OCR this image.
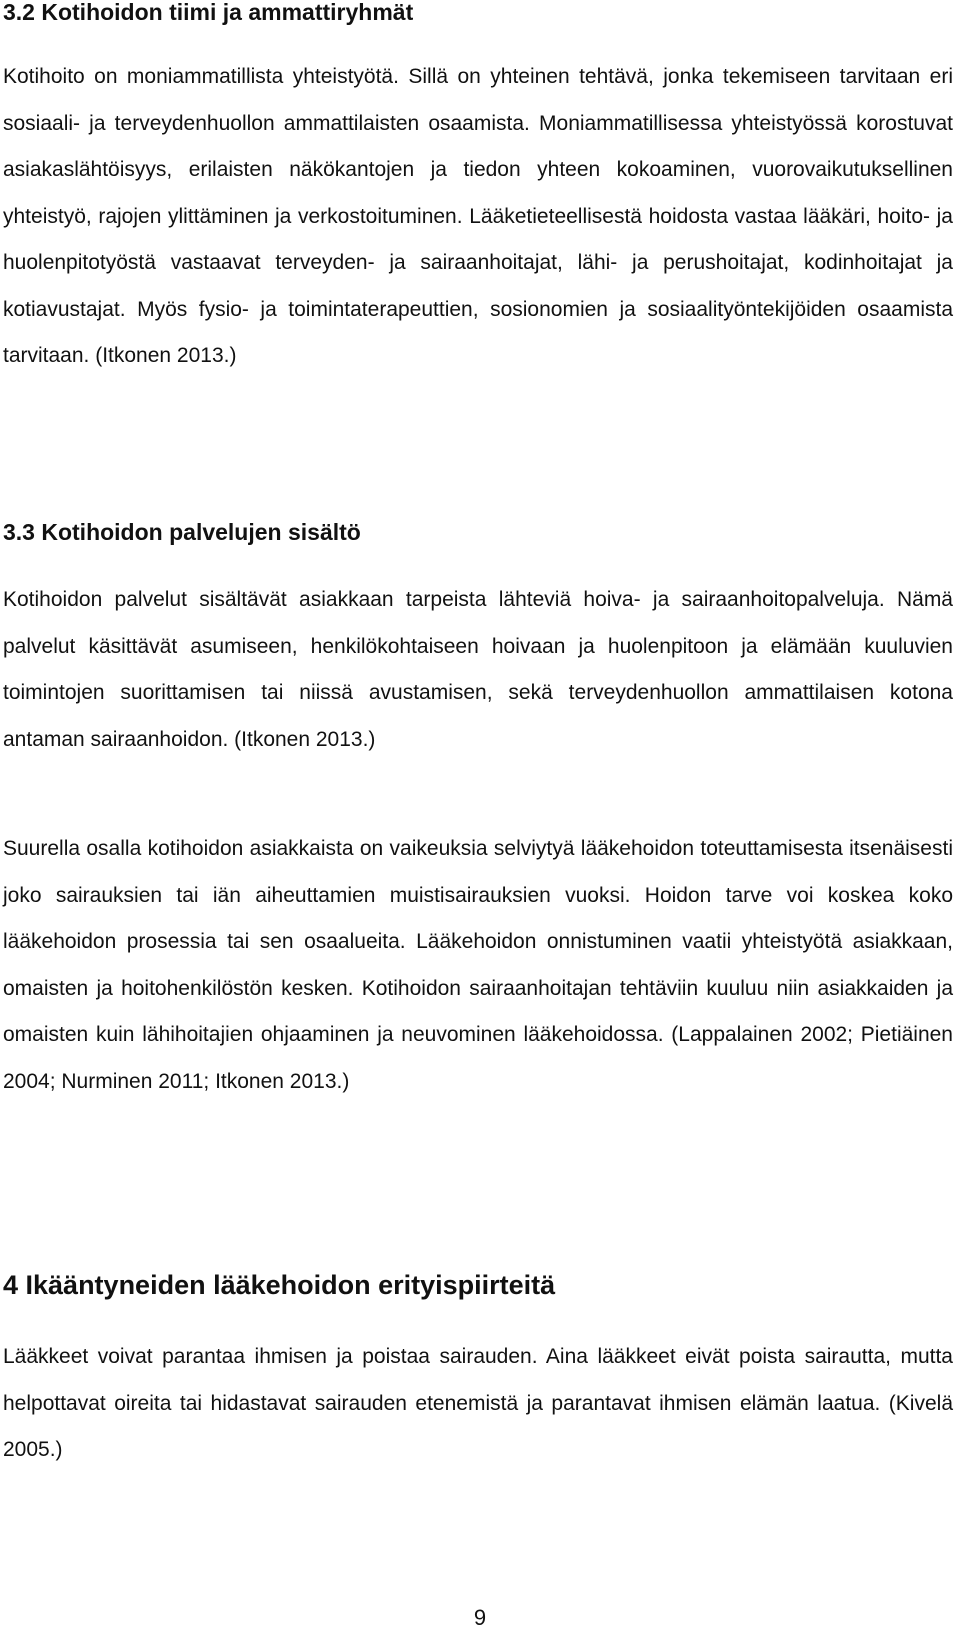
3.2 Kotihoidon tiimi ja ammattiryhmät

Kotihoito on moniammatillista yhteistyötä. Sillä on yhteinen tehtävä, jonka tekemiseen tarvitaan eri sosiaali- ja terveydenhuollon ammattilaisten osaamista. Moniammatillisessa yhteistyössä korostuvat asiakaslähtöisyys, erilaisten näkökantojen ja tiedon yhteen kokoaminen, vuorovaikutuksellinen yhteistyö, rajojen ylittäminen ja verkostoituminen. Lääketieteellisestä hoidosta vastaa lääkäri, hoito- ja huolenpitotyöstä vastaavat terveyden- ja sairaanhoitajat, lähi- ja perushoitajat, kodinhoitajat ja kotiavustajat. Myös fysio- ja toimintaterapeuttien, sosionomien ja sosiaalityöntekijöiden osaamista tarvitaan. (Itkonen 2013.)

3.3 Kotihoidon palvelujen sisältö

Kotihoidon palvelut sisältävät asiakkaan tarpeista lähteviä hoiva- ja sairaanhoitopalveluja. Nämä palvelut käsittävät asumiseen, henkilökohtaiseen hoivaan ja huolenpitoon ja elämään kuuluvien toimintojen suorittamisen tai niissä avustamisen, sekä terveydenhuollon ammattilaisen kotona antaman sairaanhoidon. (Itkonen 2013.)

Suurella osalla kotihoidon asiakkaista on vaikeuksia selviytyä lääkehoidon toteuttamisesta itsenäisesti joko sairauksien tai iän aiheuttamien muistisairauksien vuoksi. Hoidon tarve voi koskea koko lääkehoidon prosessia tai sen osaalueita. Lääkehoidon onnistuminen vaatii yhteistyötä asiakkaan, omaisten ja hoitohenkilöstön kesken. Kotihoidon sairaanhoitajan tehtäviin kuuluu niin asiakkaiden ja omaisten kuin lähihoitajien ohjaaminen ja neuvominen lääkehoidossa. (Lappalainen 2002; Pietiäinen 2004; Nurminen 2011; Itkonen 2013.)

4 Ikääntyneiden lääkehoidon erityispiirteitä

Lääkkeet voivat parantaa ihmisen ja poistaa sairauden. Aina lääkkeet eivät poista sairautta, mutta helpottavat oireita tai hidastavat sairauden etenemistä ja parantavat ihmisen elämän laatua. (Kivelä 2005.)

9
